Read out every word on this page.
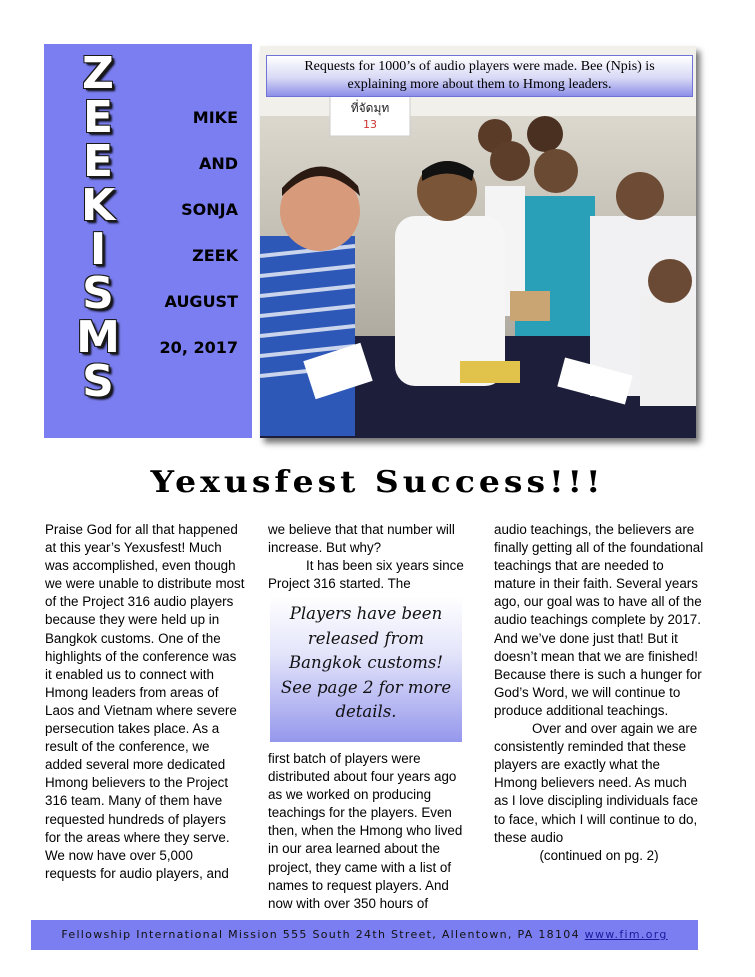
Z
E
E
K
I
S
M
S
MIKE
AND
SONJA
ZEEK
AUGUST
20, 2017
ที่จัดมุท
13
Requests for 1000’s of audio players were made. Bee (Npis) is
explaining more about them to Hmong leaders.
Yexusfest Success!!!

Praise God for all that happened at this year’s Yexusfest! Much was accomplished, even though we were unable to distribute most of the Project 316 audio players because they were held up in Bangkok customs. One of the highlights of the conference was it enabled us to connect with Hmong leaders from areas of Laos and Vietnam where severe persecution takes place. As a result of the conference, we added several more dedicated Hmong believers to the Project 316 team. Many of them have requested hundreds of players for the areas where they serve. We now have over 5,000 requests for audio players, and

we believe that that number will increase. But why?

It has been six years since Project 316 started. The

Players have been released from Bangkok customs! See page 2 for more details.

first batch of players were distributed about four years ago as we worked on producing teachings for the players. Even then, when the Hmong who lived in our area learned about the project, they came with a list of names to request players. And now with over 350 hours of

audio teachings, the believers are finally getting all of the foundational teachings that are needed to mature in their faith. Several years ago, our goal was to have all of the audio teachings complete by 2017. And we’ve done just that! But it doesn’t mean that we are finished! Because there is such a hunger for God’s Word, we will continue to produce additional teachings.

Over and over again we are consistently reminded that these players are exactly what the Hmong believers need. As much as I love discipling individuals face to face, which I will continue to do, these audio

(continued on pg. 2)

Fellowship International Mission 555 South 24th Street, Allentown, PA 18104 www.fim.org
